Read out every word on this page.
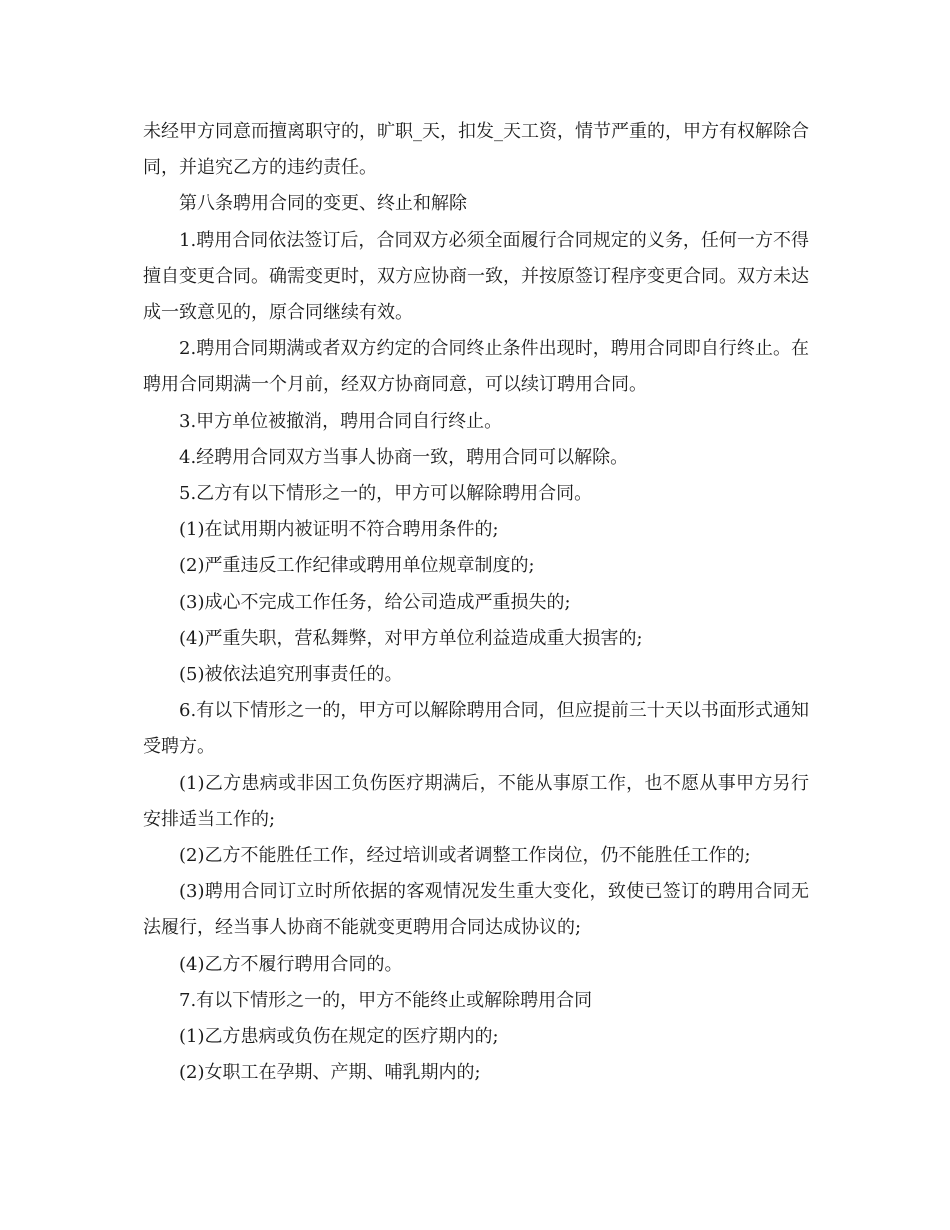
未经甲方同意而擅离职守的，旷职_天，扣发_天工资，情节严重的，甲方有权解除合同，并追究乙方的违约责任。

第八条聘用合同的变更、终止和解除

1.聘用合同依法签订后，合同双方必须全面履行合同规定的义务，任何一方不得擅自变更合同。确需变更时，双方应协商一致，并按原签订程序变更合同。双方未达成一致意见的，原合同继续有效。

2.聘用合同期满或者双方约定的合同终止条件出现时，聘用合同即自行终止。在聘用合同期满一个月前，经双方协商同意，可以续订聘用合同。

3.甲方单位被撤消，聘用合同自行终止。

4.经聘用合同双方当事人协商一致，聘用合同可以解除。

5.乙方有以下情形之一的，甲方可以解除聘用合同。

(1)在试用期内被证明不符合聘用条件的;

(2)严重违反工作纪律或聘用单位规章制度的;

(3)成心不完成工作任务，给公司造成严重损失的;

(4)严重失职，营私舞弊，对甲方单位利益造成重大损害的;

(5)被依法追究刑事责任的。

6.有以下情形之一的，甲方可以解除聘用合同，但应提前三十天以书面形式通知受聘方。

(1)乙方患病或非因工负伤医疗期满后，不能从事原工作，也不愿从事甲方另行安排适当工作的;

(2)乙方不能胜任工作，经过培训或者调整工作岗位，仍不能胜任工作的;

(3)聘用合同订立时所依据的客观情况发生重大变化，致使已签订的聘用合同无法履行，经当事人协商不能就变更聘用合同达成协议的;

(4)乙方不履行聘用合同的。

7.有以下情形之一的，甲方不能终止或解除聘用合同

(1)乙方患病或负伤在规定的医疗期内的;

(2)女职工在孕期、产期、哺乳期内的;
